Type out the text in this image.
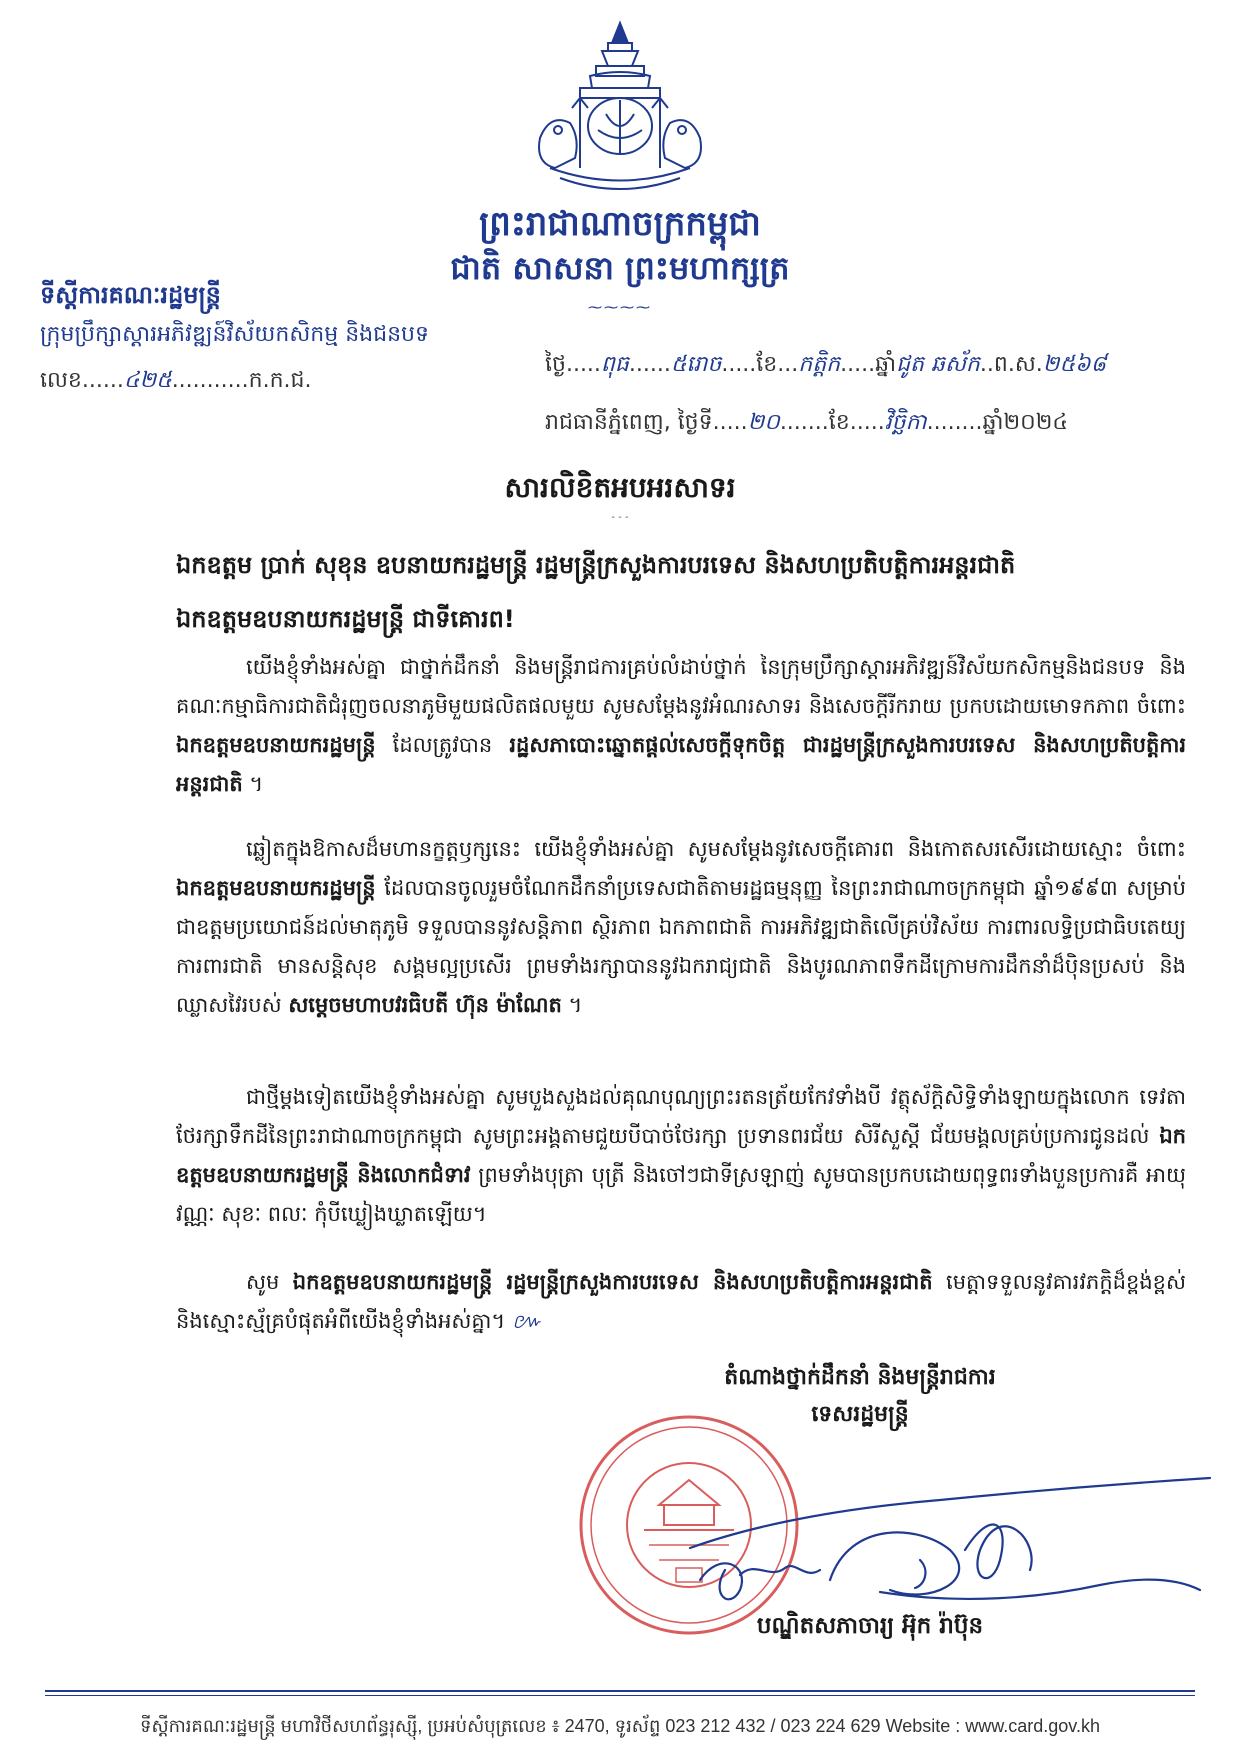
ព្រះរាជាណាចក្រកម្ពុជា
ជាតិ សាសនា ព្រះមហាក្សត្រ
⁓⁓⁓⁓
ទីស្តីការគណៈរដ្ឋមន្ត្រី
ក្រុមប្រឹក្សាស្តារអភិវឌ្ឍន៍វិស័យកសិកម្ម និងជនបទ
លេខ......៤២៥...........ក.ក.ជ.
ថ្ងៃ.....ពុធ......៥រោច.....ខែ...កត្តិក.....ឆ្នាំជូត ឆស័ក..ព.ស.២៥៦៨
រាជធានីភ្នំពេញ, ថ្ងៃទី.....២០.......ខែ.....វិច្ឆិកា........ឆ្នាំ២០២៤
សារលិខិតអបអរសាទរ
- - -
ឯកឧត្តម ប្រាក់ សុខុន ឧបនាយករដ្ឋមន្ត្រី រដ្ឋមន្ត្រីក្រសួងការបរទេស និងសហប្រតិបត្តិការអន្តរជាតិ
ឯកឧត្តមឧបនាយករដ្ឋមន្ត្រី ជាទីគោរព!
យើងខ្ញុំទាំងអស់គ្នា ជាថ្នាក់ដឹកនាំ និងមន្ត្រីរាជការគ្រប់លំដាប់ថ្នាក់ នៃក្រុមប្រឹក្សាស្តារអភិវឌ្ឍន៍វិស័យកសិកម្មនិងជនបទ និងគណៈកម្មាធិការជាតិជំរុញចលនាភូមិមួយផលិតផលមួយ សូមសម្តែងនូវអំណរសាទរ និងសេចក្តីរីករាយ ប្រកបដោយមោទកភាព ចំពោះ ឯកឧត្តមឧបនាយករដ្ឋមន្ត្រី ដែលត្រូវបាន រដ្ឋសភាបោះឆ្នោតផ្តល់សេចក្តីទុកចិត្ត ជារដ្ឋមន្ត្រីក្រសួងការបរទេស និងសហប្រតិបត្តិការអន្តរជាតិ ។
ឆ្លៀតក្នុងឱកាសដ៏មហានក្ខត្តឫក្សនេះ យើងខ្ញុំទាំងអស់គ្នា សូមសម្តែងនូវសេចក្តីគោរព និងកោតសរសើរដោយស្មោះ ចំពោះ ឯកឧត្តមឧបនាយករដ្ឋមន្ត្រី ដែលបានចូលរួមចំណែកដឹកនាំប្រទេសជាតិតាមរដ្ឋធម្មនុញ្ញ នៃព្រះរាជាណាចក្រកម្ពុជា ឆ្នាំ១៩៩៣ សម្រាប់ជាឧត្តមប្រយោជន៍ដល់មាតុភូមិ ទទួលបាននូវសន្តិភាព ស្ថិរភាព ឯកភាពជាតិ ការអភិវឌ្ឍជាតិលើគ្រប់វិស័យ ការពារលទ្ធិប្រជាធិបតេយ្យ ការពារជាតិ មានសន្តិសុខ សង្គមល្អប្រសើរ ព្រមទាំងរក្សាបាននូវឯករាជ្យជាតិ និងបូរណភាពទឹកដីក្រោមការដឹកនាំដ៏ប៉ិនប្រសប់ និងឈ្លាសវៃរបស់ សម្តេចមហាបវរធិបតី ហ៊ុន ម៉ាណែត ។
ជាថ្មីម្តងទៀតយើងខ្ញុំទាំងអស់គ្នា សូមបួងសួងដល់គុណបុណ្យព្រះរតនត្រ័យកែវទាំងបី វត្ថុស័ក្តិសិទ្ធិទាំងឡាយក្នុងលោក ទេវតាថែរក្សាទឹកដីនៃព្រះរាជាណាចក្រកម្ពុជា សូមព្រះអង្គតាមជួយបីបាច់ថែរក្សា ប្រទានពរជ័យ សិរីសួស្តី ជ័យមង្គលគ្រប់ប្រការជូនដល់ ឯកឧត្តមឧបនាយករដ្ឋមន្ត្រី និងលោកជំទាវ ព្រមទាំងបុត្រា បុត្រី និងចៅៗជាទីស្រឡាញ់ សូមបានប្រកបដោយពុទ្ធពរទាំងបួនប្រការគឺ អាយុ វណ្ណៈ សុខៈ ពលៈ កុំបីឃ្លៀងឃ្លាតឡើយ។
សូម ឯកឧត្តមឧបនាយករដ្ឋមន្ត្រី រដ្ឋមន្ត្រីក្រសួងការបរទេស និងសហប្រតិបត្តិការអន្តរជាតិ មេត្តាទទួលនូវគារវភក្តិដ៏ខ្ពង់ខ្ពស់ និងស្មោះស្ម័គ្របំផុតអំពីយើងខ្ញុំទាំងអស់គ្នា។ ៚
តំណាងថ្នាក់ដឹកនាំ និងមន្ត្រីរាជការ
ទេសរដ្ឋមន្ត្រី
បណ្ឌិតសភាចារ្យ អ៊ុក រ៉ាប៊ុន
ទីស្តីការគណៈរដ្ឋមន្ត្រី មហាវិថីសហព័ន្ធរុស្ស៊ី, ប្រអប់សំបុត្រលេខ ៖ 2470, ទូរស័ព្ទ 023 212 432 / 023 224 629 Website : www.card.gov.kh
